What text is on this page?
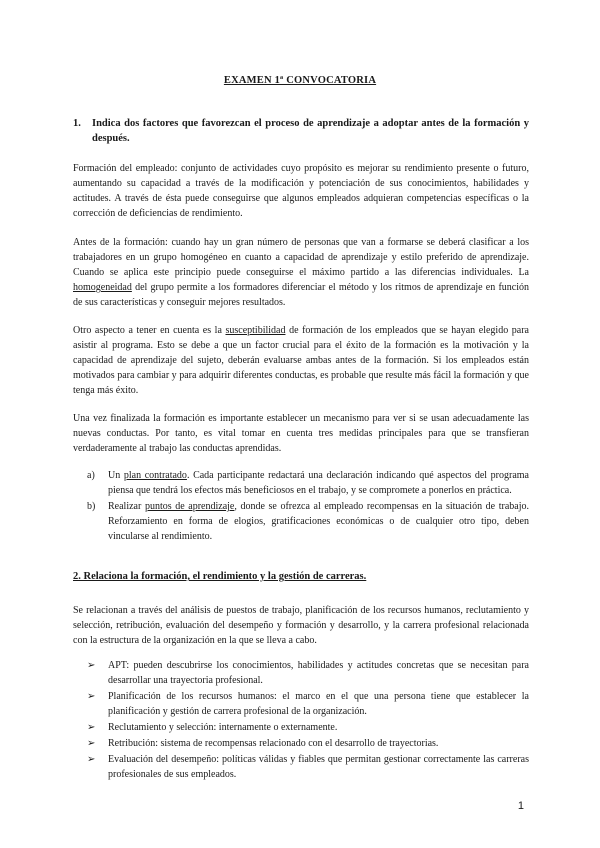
EXAMEN 1ª CONVOCATORIA
1. Indica dos factores que favorezcan el proceso de aprendizaje a adoptar antes de la formación y después.
Formación del empleado: conjunto de actividades cuyo propósito es mejorar su rendimiento presente o futuro, aumentando su capacidad a través de la modificación y potenciación de sus conocimientos, habilidades y actitudes. A través de ésta puede conseguirse que algunos empleados adquieran competencias específicas o la corrección de deficiencias de rendimiento.
Antes de la formación: cuando hay un gran número de personas que van a formarse se deberá clasificar a los trabajadores en un grupo homogéneo en cuanto a capacidad de aprendizaje y estilo preferido de aprendizaje. Cuando se aplica este principio puede conseguirse el máximo partido a las diferencias individuales. La homogeneidad del grupo permite a los formadores diferenciar el método y los ritmos de aprendizaje en función de sus características y conseguir mejores resultados.
Otro aspecto a tener en cuenta es la susceptibilidad de formación de los empleados que se hayan elegido para asistir al programa. Esto se debe a que un factor crucial para el éxito de la formación es la motivación y la capacidad de aprendizaje del sujeto, deberán evaluarse ambas antes de la formación. Si los empleados están motivados para cambiar y para adquirir diferentes conductas, es probable que resulte más fácil la formación y que tenga más éxito.
Una vez finalizada la formación es importante establecer un mecanismo para ver si se usan adecuadamente las nuevas conductas. Por tanto, es vital tomar en cuenta tres medidas principales para que se transfieran verdaderamente al trabajo las conductas aprendidas.
a) Un plan contratado. Cada participante redactará una declaración indicando qué aspectos del programa piensa que tendrá los efectos más beneficiosos en el trabajo, y se compromete a ponerlos en práctica.
b) Realizar puntos de aprendizaje, donde se ofrezca al empleado recompensas en la situación de trabajo. Reforzamiento en forma de elogios, gratificaciones económicas o de cualquier otro tipo, deben vincularse al rendimiento.
2. Relaciona la formación, el rendimiento y la gestión de carreras.
Se relacionan a través del análisis de puestos de trabajo, planificación de los recursos humanos, reclutamiento y selección, retribución, evaluación del desempeño y formación y desarrollo, y la carrera profesional relacionada con la estructura de la organización en la que se lleva a cabo.
➢ APT: pueden descubrirse los conocimientos, habilidades y actitudes concretas que se necesitan para desarrollar una trayectoria profesional.
➢ Planificación de los recursos humanos: el marco en el que una persona tiene que establecer la planificación y gestión de carrera profesional de la organización.
➢ Reclutamiento y selección: internamente o externamente.
➢ Retribución: sistema de recompensas relacionado con el desarrollo de trayectorias.
➢ Evaluación del desempeño: políticas válidas y fiables que permitan gestionar correctamente las carreras profesionales de sus empleados.
1
